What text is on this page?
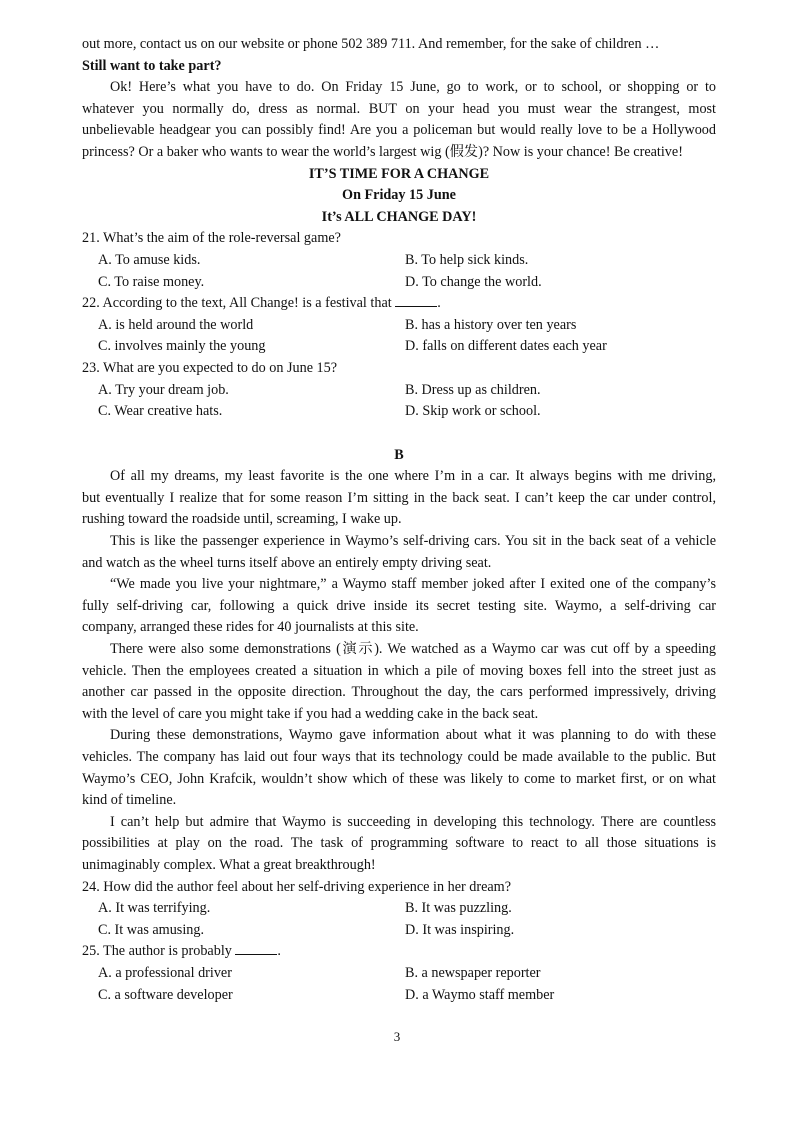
out more, contact us on our website or phone 502 389 711. And remember, for the sake of children …
Still want to take part?
Ok! Here’s what you have to do. On Friday 15 June, go to work, or to school, or shopping or to
whatever you normally do, dress as normal. BUT on your head you must wear the strangest, most
unbelievable headgear you can possibly find! Are you a policeman but would really love to be a Hollywood
princess? Or a baker who wants to wear the world’s largest wig (假发)? Now is your chance! Be creative!
IT’S TIME FOR A CHANGE
On Friday 15 June
It’s ALL CHANGE DAY!
21. What’s the aim of the role-reversal game?
A. To amuse kids.	B. To help sick kinds.
C. To raise money.	D. To change the world.
22. According to the text, All Change! is a festival that	.
A. is held around the world	B. has a history over ten years
C. involves mainly the young	D. falls on different dates each year
23. What are you expected to do on June 15?
A. Try your dream job.	B. Dress up as children.
C. Wear creative hats.	D. Skip work or school.
B
Of all my dreams, my least favorite is the one where I’m in a car. It always begins with me driving,
but eventually I realize that for some reason I’m sitting in the back seat. I can’t keep the car under control,
rushing toward the roadside until, screaming, I wake up.
This is like the passenger experience in Waymo’s self-driving cars. You sit in the back seat of a vehicle
and watch as the wheel turns itself above an entirely empty driving seat.
“We made you live your nightmare,” a Waymo staff member joked after I exited one of the company’s
fully self-driving car, following a quick drive inside its secret testing site. Waymo, a self-driving car
company, arranged these rides for 40 journalists at this site.
There were also some demonstrations (演示). We watched as a Waymo car was cut off by a speeding
vehicle. Then the employees created a situation in which a pile of moving boxes fell into the street just as
another car passed in the opposite direction. Throughout the day, the cars performed impressively, driving
with the level of care you might take if you had a wedding cake in the back seat.
During these demonstrations, Waymo gave information about what it was planning to do with these
vehicles. The company has laid out four ways that its technology could be made available to the public. But
Waymo’s CEO, John Krafcik, wouldn’t show which of these was likely to come to market first, or on what
kind of timeline.
I can’t help but admire that Waymo is succeeding in developing this technology. There are countless
possibilities at play on the road. The task of programming software to react to all those situations is
unimaginably complex. What a great breakthrough!
24. How did the author feel about her self-driving experience in her dream?
A. It was terrifying.	B. It was puzzling.
C. It was amusing.	D. It was inspiring.
25. The author is probably	.
A. a professional driver	B. a newspaper reporter
C. a software developer	D. a Waymo staff member
3
